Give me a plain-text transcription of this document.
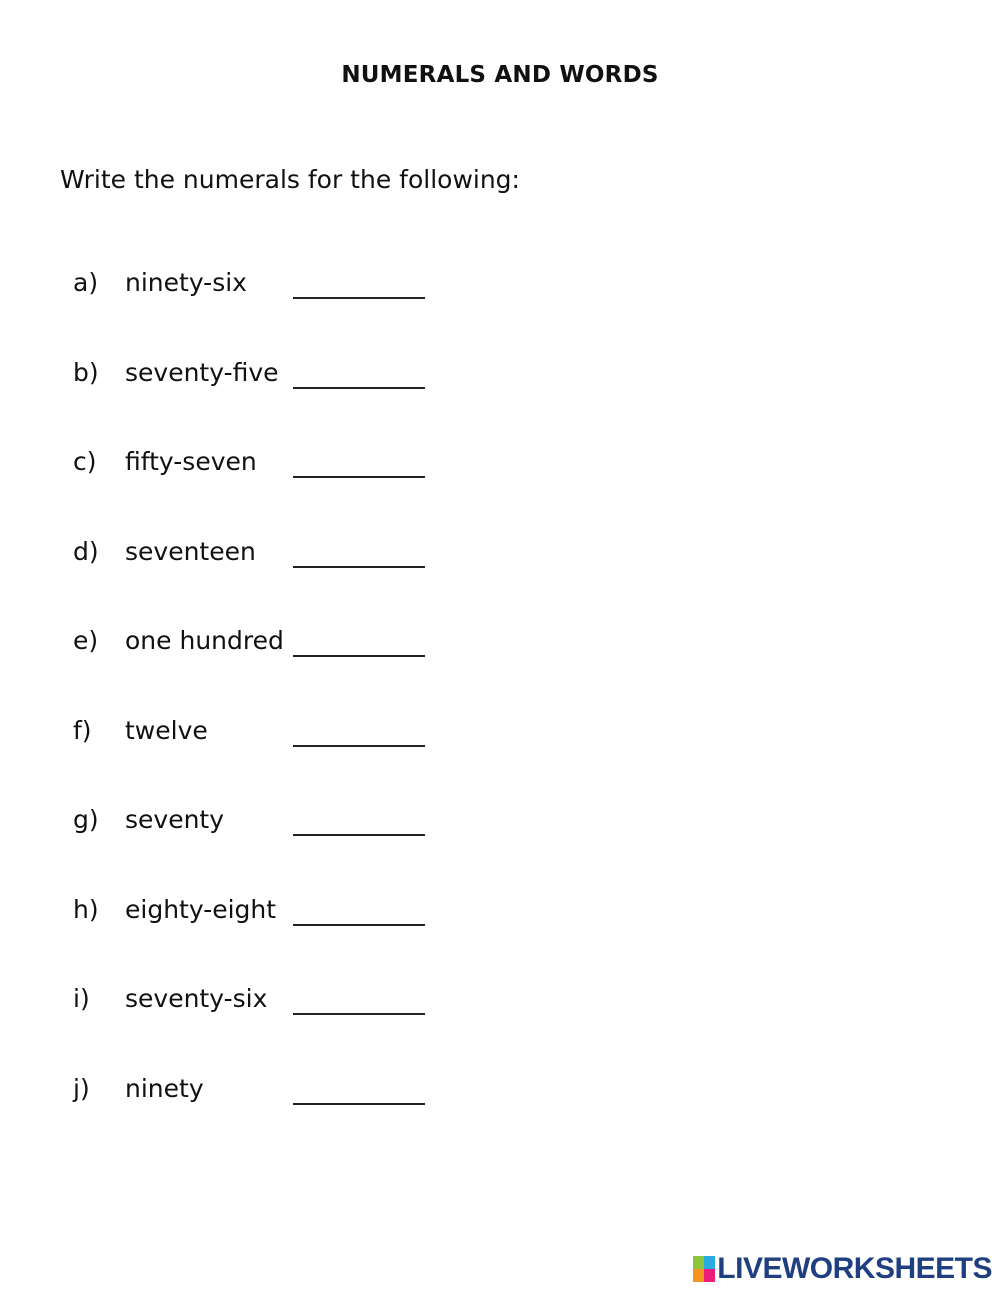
NUMERALS AND WORDS
Write the numerals for the following:
a) ninety-six
b) seventy-five
c) fifty-seven
d) seventeen
e) one hundred
f) twelve
g) seventy
h) eighty-eight
i) seventy-six
j) ninety
LIVEWORKSHEETS
